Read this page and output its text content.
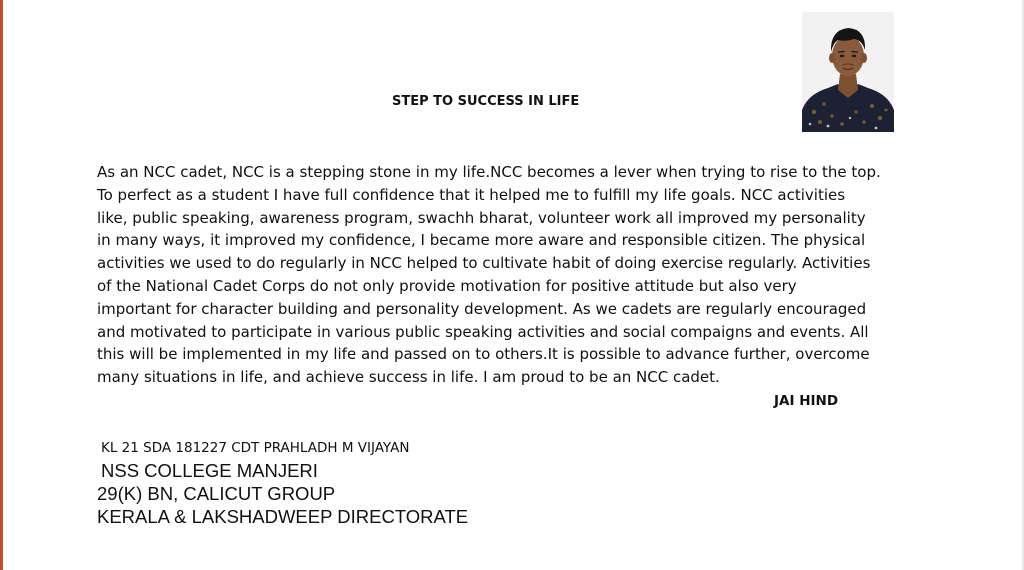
STEP TO SUCCESS IN LIFE
As an NCC cadet, NCC is a stepping stone in my life.NCC becomes a lever when trying to rise to the top.
To perfect as a student I have full confidence that it helped me to fulfill my life goals. NCC activities
like, public speaking, awareness program, swachh bharat, volunteer work all improved my personality
in many ways, it improved my confidence, I became more aware and responsible citizen. The physical
activities we used to do regularly in NCC helped to cultivate habit of doing exercise regularly. Activities
of the National Cadet Corps do not only provide motivation for positive attitude but also very
important for character building and personality development. As we cadets are regularly encouraged
and motivated to participate in various public speaking activities and social compaigns and events. All
this will be implemented in my life and passed on to others.It is possible to advance further, overcome
many situations in life, and achieve success in life. I am proud to be an NCC cadet.
JAI HIND
KL 21 SDA 181227 CDT PRAHLADH M VIJAYAN
NSS COLLEGE MANJERI
29(K) BN, CALICUT GROUP
KERALA & LAKSHADWEEP DIRECTORATE
